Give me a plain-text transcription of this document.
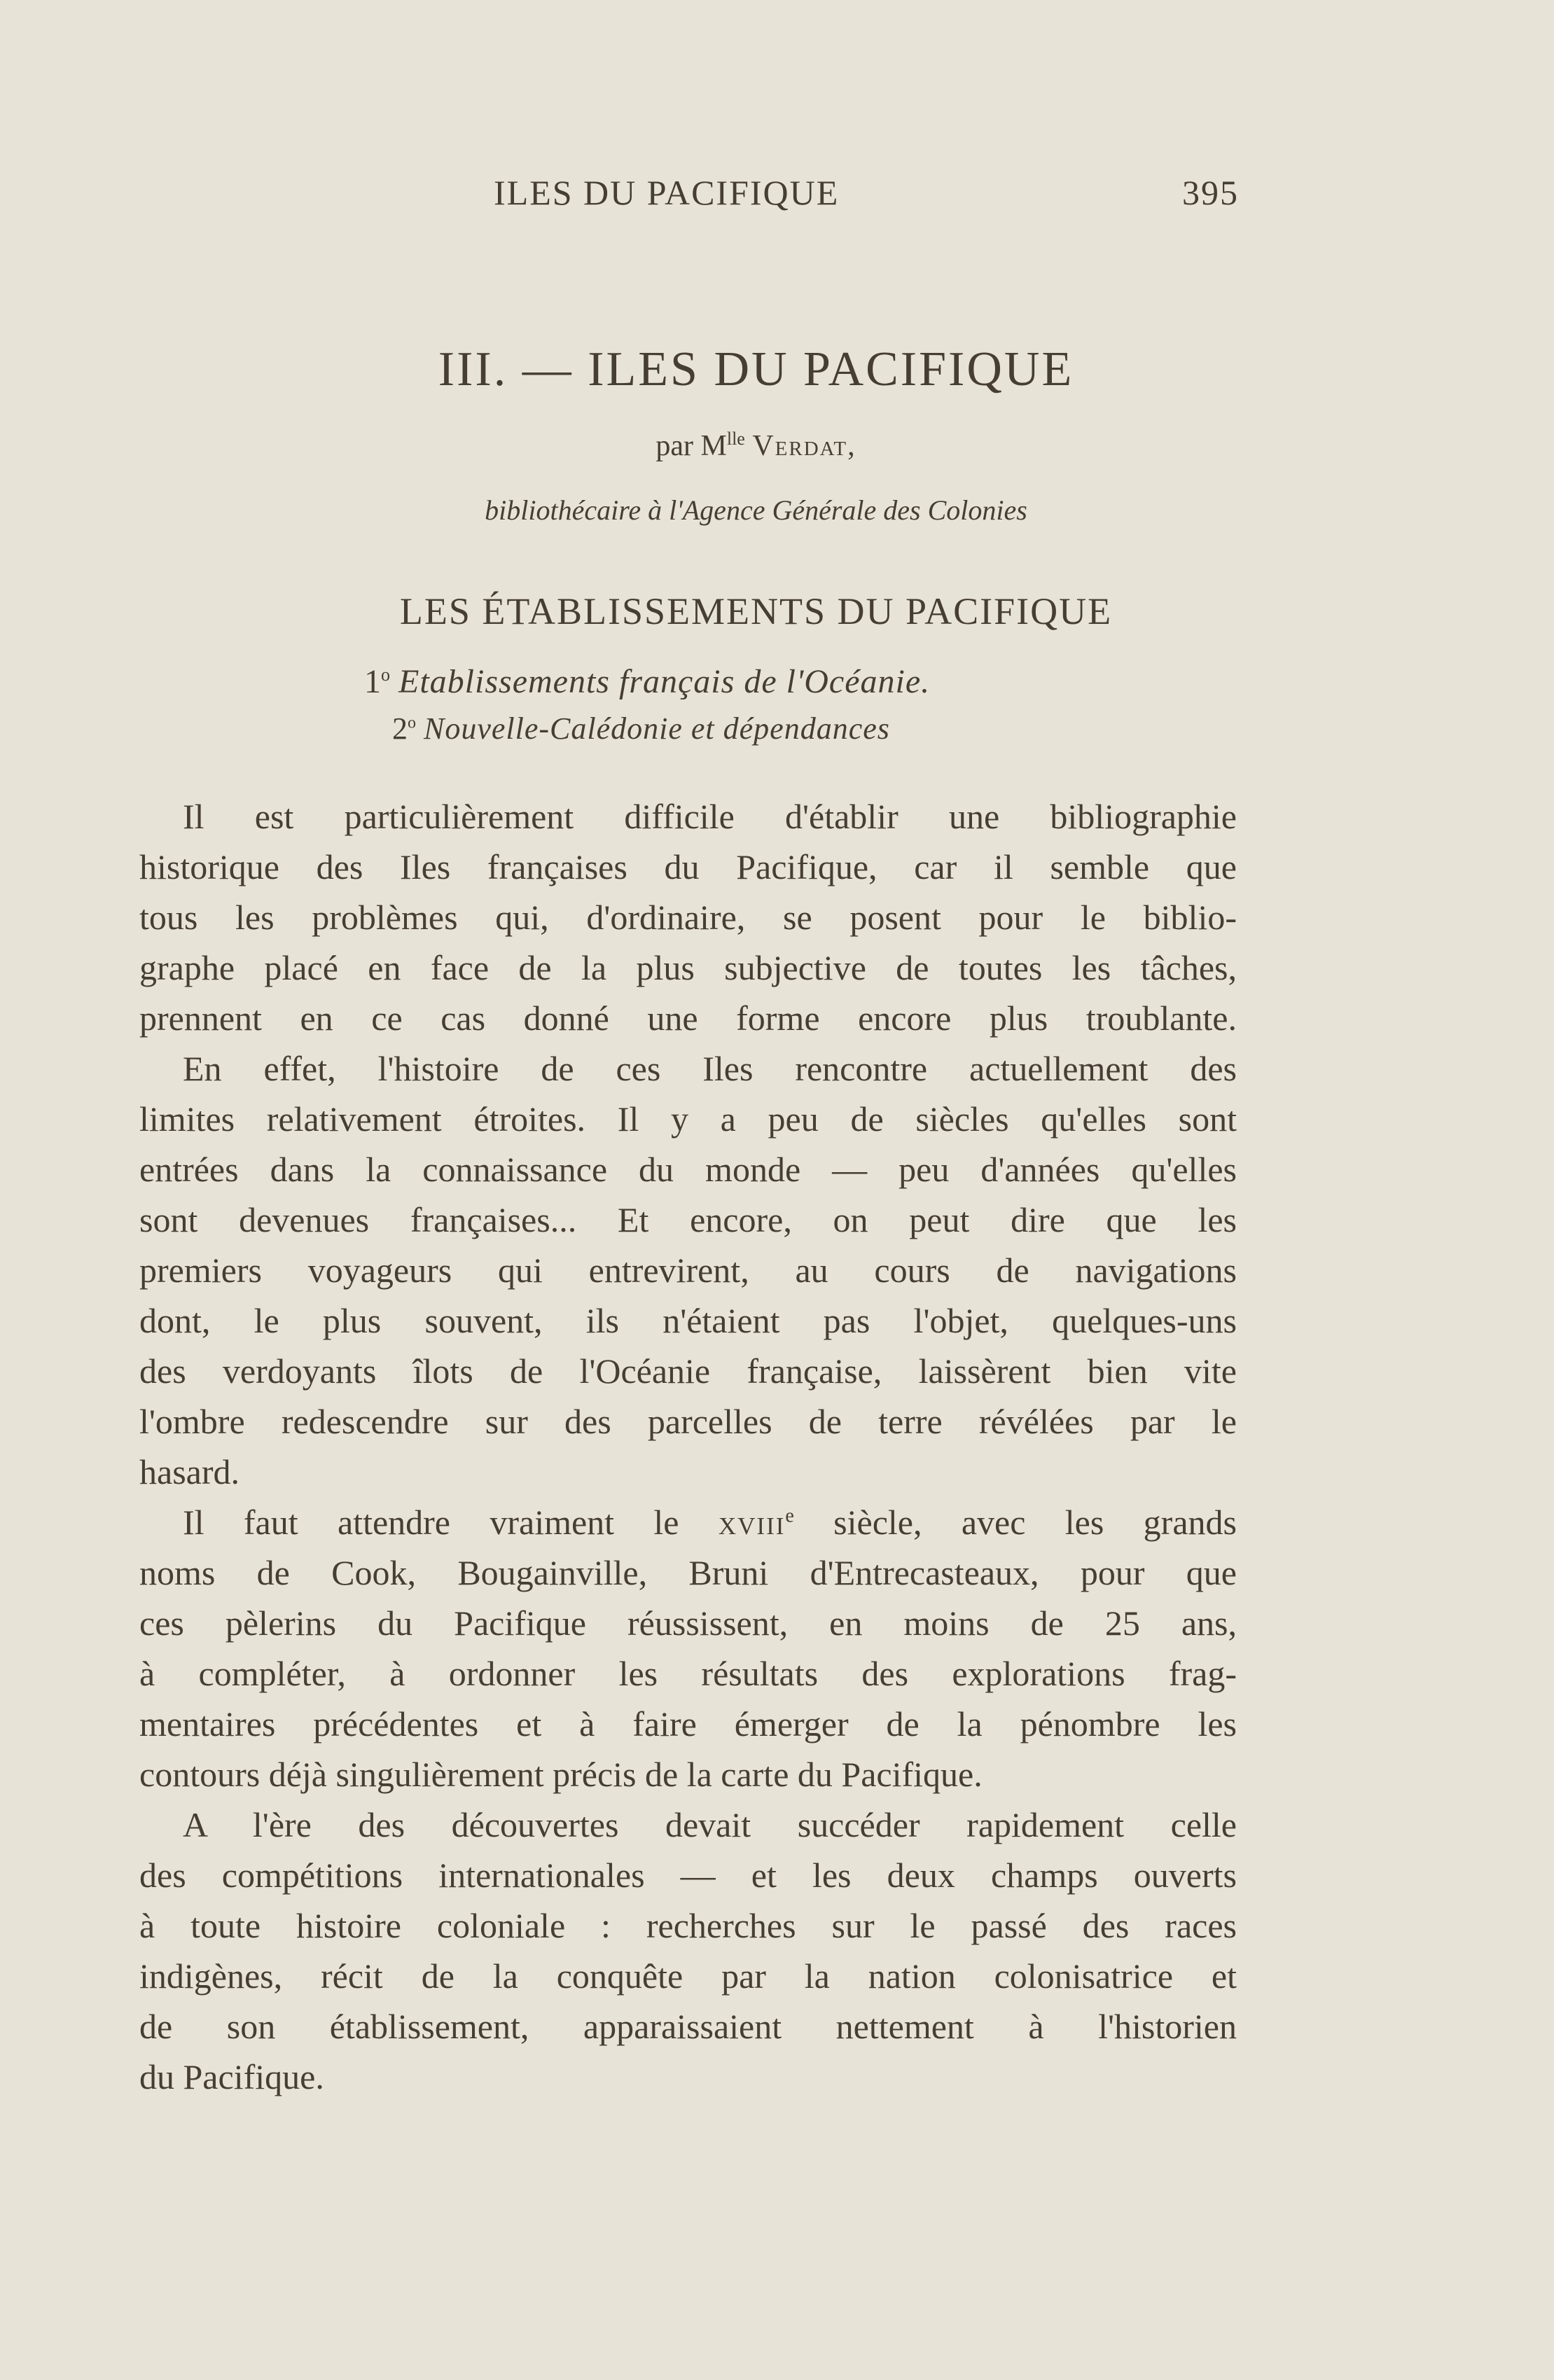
ILES DU PACIFIQUE	395
III. — ILES DU PACIFIQUE
par $M^{lle}$ Verdat,
bibliothécaire à l'Agence Générale des Colonies
LES ÉTABLISSEMENTS DU PACIFIQUE
1$^o$ Etablissements français de l'Océanie.
2$^o$ Nouvelle-Calédonie et dépendances
Il est particulièrement difficile d'établir une bibliographie
historique des Iles françaises du Pacifique, car il semble que
tous les problèmes qui, d'ordinaire, se posent pour le biblio-
graphe placé en face de la plus subjective de toutes les tâches,
prennent en ce cas donné une forme encore plus troublante.
En effet, l'histoire de ces Iles rencontre actuellement des
limites relativement étroites. Il y a peu de siècles qu'elles sont
entrées dans la connaissance du monde — peu d'années qu'elles
sont devenues françaises... Et encore, on peut dire que les
premiers voyageurs qui entrevirent, au cours de navigations
dont, le plus souvent, ils n'étaient pas l'objet, quelques-uns
des verdoyants îlots de l'Océanie française, laissèrent bien vite
l'ombre redescendre sur des parcelles de terre révélées par le
hasard.
Il faut attendre vraiment le xviii$^e$ siècle, avec les grands
noms de Cook, Bougainville, Bruni d'Entrecasteaux, pour que
ces pèlerins du Pacifique réussissent, en moins de 25 ans,
à compléter, à ordonner les résultats des explorations frag-
mentaires précédentes et à faire émerger de la pénombre les
contours déjà singulièrement précis de la carte du Pacifique.
A l'ère des découvertes devait succéder rapidement celle
des compétitions internationales — et les deux champs ouverts
à toute histoire coloniale : recherches sur le passé des races
indigènes, récit de la conquête par la nation colonisatrice et
de son établissement, apparaissaient nettement à l'historien
du Pacifique.
